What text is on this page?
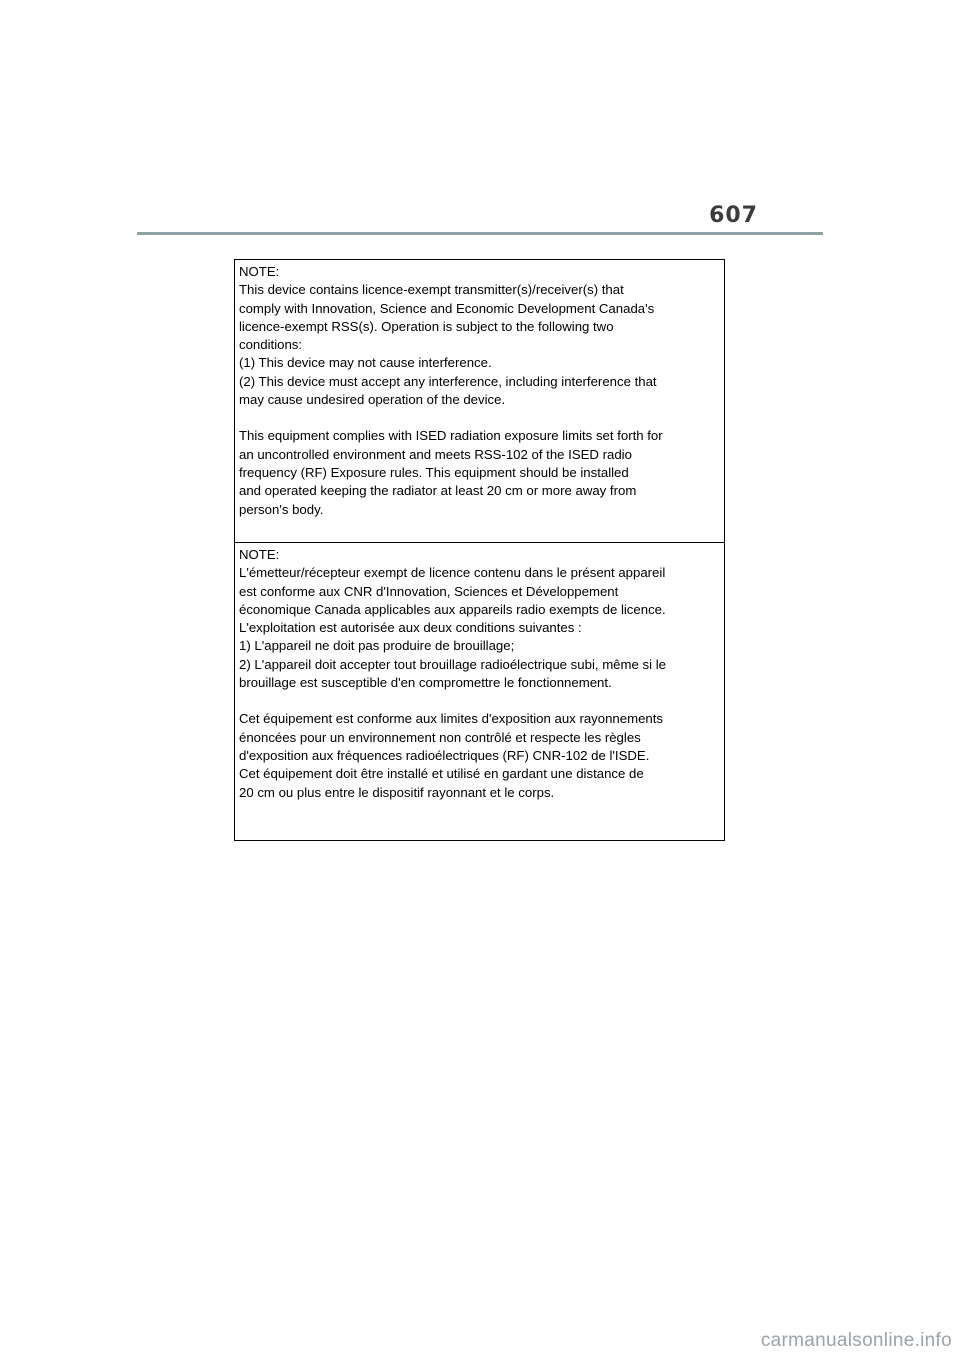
607
NOTE:
This device contains licence-exempt transmitter(s)/receiver(s) that
comply with Innovation, Science and Economic Development Canada's
licence-exempt RSS(s). Operation is subject to the following two
conditions:
(1) This device may not cause interference.
(2) This device must accept any interference, including interference that
may cause undesired operation of the device.
This equipment complies with ISED radiation exposure limits set forth for
an uncontrolled environment and meets RSS-102 of the ISED radio
frequency (RF) Exposure rules. This equipment should be installed
and operated keeping the radiator at least 20 cm or more away from
person's body.
NOTE:
L'émetteur/récepteur exempt de licence contenu dans le présent appareil
est conforme aux CNR d'Innovation, Sciences et Développement
économique Canada applicables aux appareils radio exempts de licence.
L'exploitation est autorisée aux deux conditions suivantes :
1) L'appareil ne doit pas produire de brouillage;
2) L'appareil doit accepter tout brouillage radioélectrique subi, même si le
brouillage est susceptible d'en compromettre le fonctionnement.
Cet équipement est conforme aux limites d'exposition aux rayonnements
énoncées pour un environnement non contrôlé et respecte les règles
d'exposition aux fréquences radioélectriques (RF) CNR-102 de l'ISDE.
Cet équipement doit être installé et utilisé en gardant une distance de
20 cm ou plus entre le dispositif rayonnant et le corps.
carmanualsonline.info
